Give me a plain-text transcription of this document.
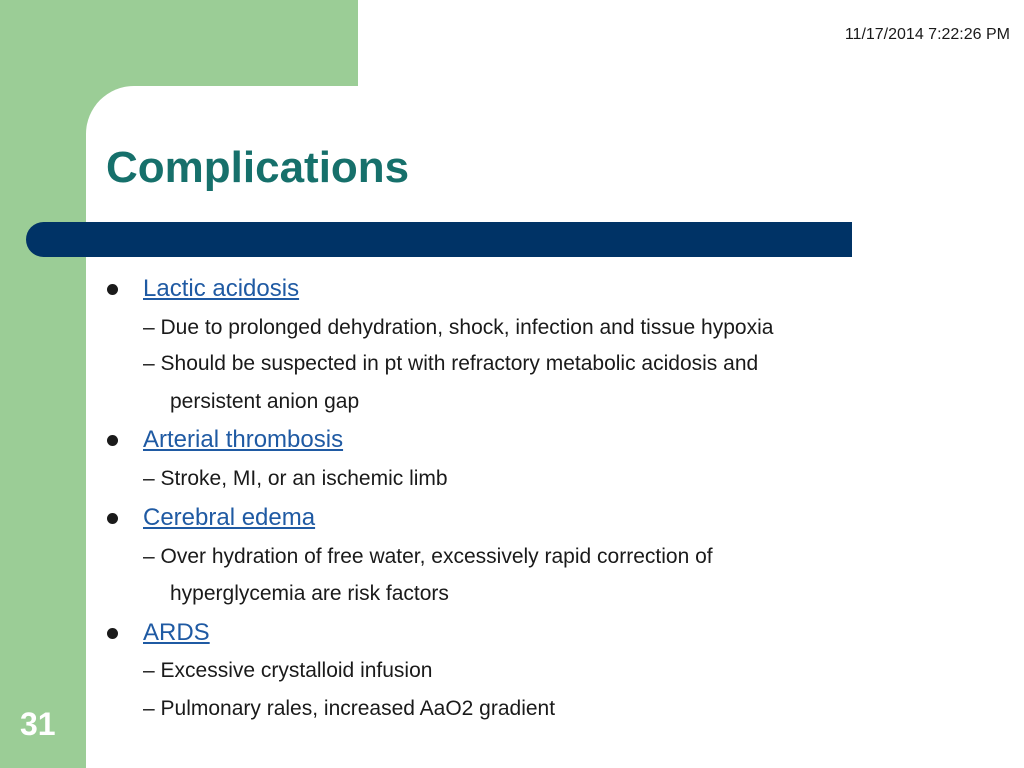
11/17/2014 7:22:26 PM
Complications
Lactic acidosis
– Due to prolonged dehydration, shock, infection and tissue hypoxia
– Should be suspected in pt with refractory metabolic acidosis and
persistent anion gap
Arterial thrombosis
– Stroke, MI, or an ischemic limb
Cerebral edema
– Over hydration of free water, excessively rapid correction of
hyperglycemia are risk factors
ARDS
– Excessive crystalloid infusion
– Pulmonary rales, increased AaO2 gradient
31
